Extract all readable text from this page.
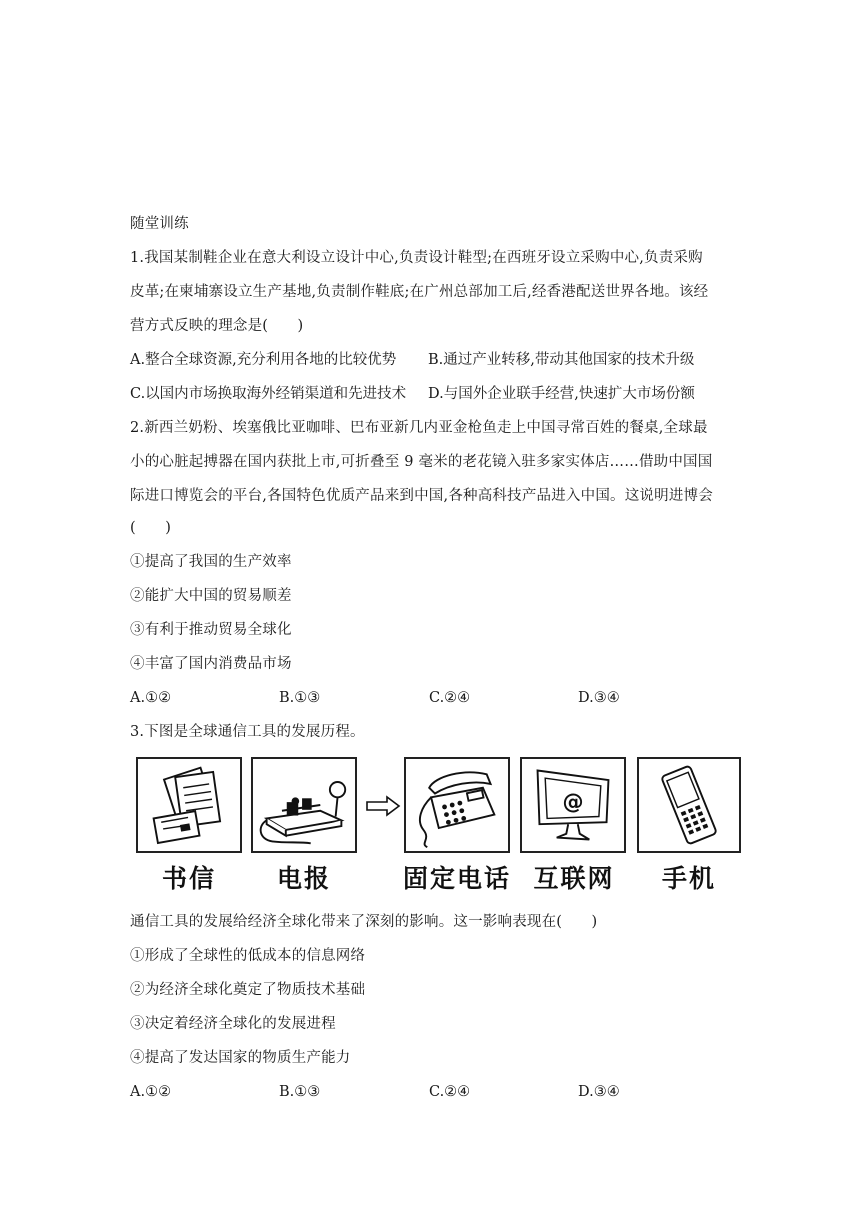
随堂训练
1.我国某制鞋企业在意大利设立设计中心,负责设计鞋型;在西班牙设立采购中心,负责采购
皮革;在柬埔寨设立生产基地,负责制作鞋底;在广州总部加工后,经香港配送世界各地。该经
营方式反映的理念是(　　)
A.整合全球资源,充分利用各地的比较优势 B.通过产业转移,带动其他国家的技术升级
C.以国内市场换取海外经销渠道和先进技术 D.与国外企业联手经营,快速扩大市场份额
2.新西兰奶粉、埃塞俄比亚咖啡、巴布亚新几内亚金枪鱼走上中国寻常百姓的餐桌,全球最
小的心脏起搏器在国内获批上市,可折叠至 9 毫米的老花镜入驻多家实体店……借助中国国
际进口博览会的平台,各国特色优质产品来到中国,各种高科技产品进入中国。这说明进博会
(　　)
①提高了我国的生产效率
②能扩大中国的贸易顺差
③有利于推动贸易全球化
④丰富了国内消费品市场
A.①②	B.①③	C.②④	D.③④
3.下图是全球通信工具的发展历程。
@
书信	电报	固定电话 互联网	手机
通信工具的发展给经济全球化带来了深刻的影响。这一影响表现在(　　)
①形成了全球性的低成本的信息网络
②为经济全球化奠定了物质技术基础
③决定着经济全球化的发展进程
④提高了发达国家的物质生产能力
A.①②	B.①③	C.②④	D.③④
